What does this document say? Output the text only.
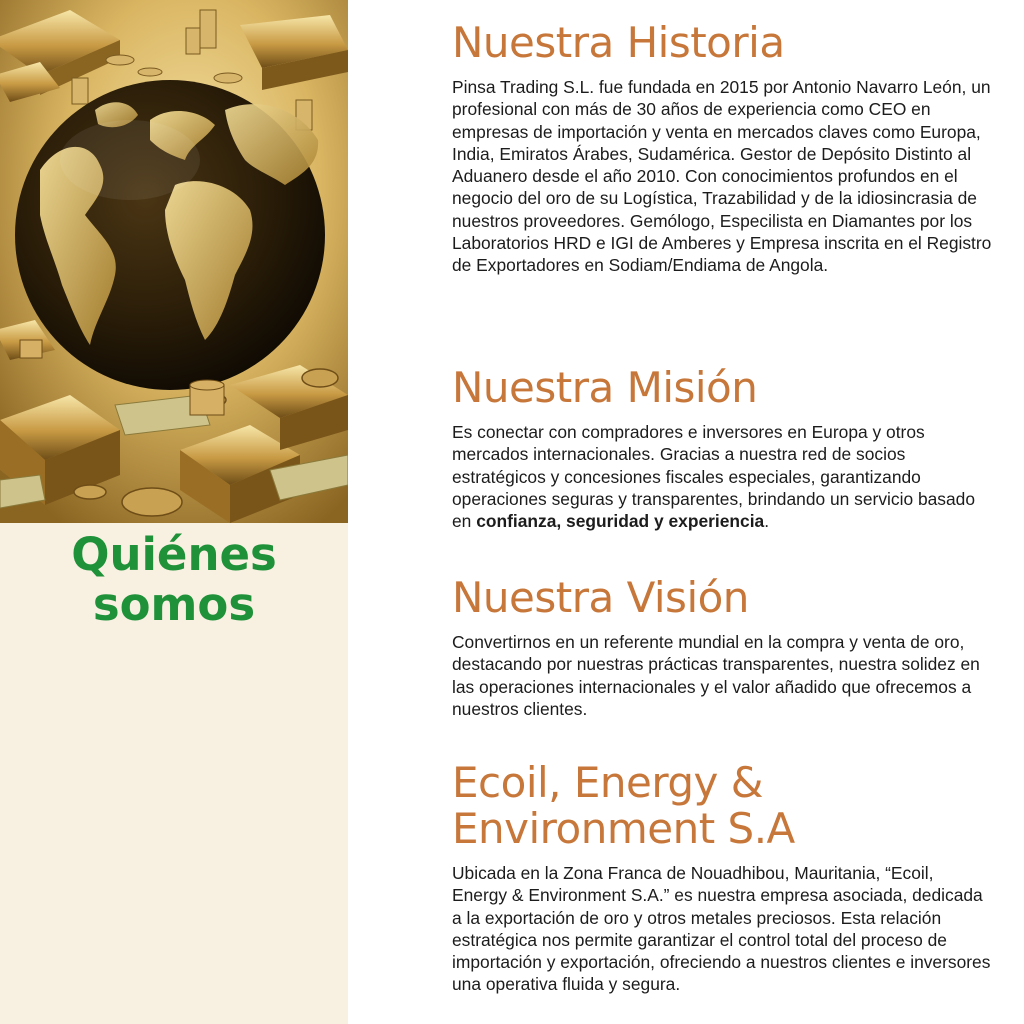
Quiénes
somos
Nuestra Historia

Pinsa Trading S.L. fue fundada en 2015 por Antonio Navarro León, un profesional con más de 30 años de experiencia como CEO en empresas de importación y venta en mercados claves como Europa, India, Emiratos Árabes, Sudamérica. Gestor de Depósito Distinto al Aduanero desde el año 2010. Con conocimientos profundos en el negocio del oro de su Logística, Trazabilidad y de la idiosincrasia de nuestros proveedores. Gemólogo, Especilista en Diamantes por los Laboratorios HRD e IGI de Amberes y Empresa inscrita en el Registro de Exportadores en Sodiam/Endiama de Angola.

Nuestra Misión

Es conectar con compradores e inversores en Europa y otros mercados internacionales. Gracias a nuestra red de socios estratégicos y concesiones fiscales especiales, garantizando operaciones seguras y transparentes, brindando un servicio basado en confianza, seguridad y experiencia.

Nuestra Visión

Convertirnos en un referente mundial en la compra y venta de oro, destacando por nuestras prácticas transparentes, nuestra solidez en las operaciones internacionales y el valor añadido que ofrecemos a nuestros clientes.

Ecoil, Energy &
Environment S.A

Ubicada en la Zona Franca de Nouadhibou, Mauritania, “Ecoil, Energy & Environment S.A.” es nuestra empresa asociada, dedicada a la exportación de oro y otros metales preciosos. Esta relación estratégica nos permite garantizar el control total del proceso de importación y exportación, ofreciendo a nuestros clientes e inversores una operativa fluida y segura.
